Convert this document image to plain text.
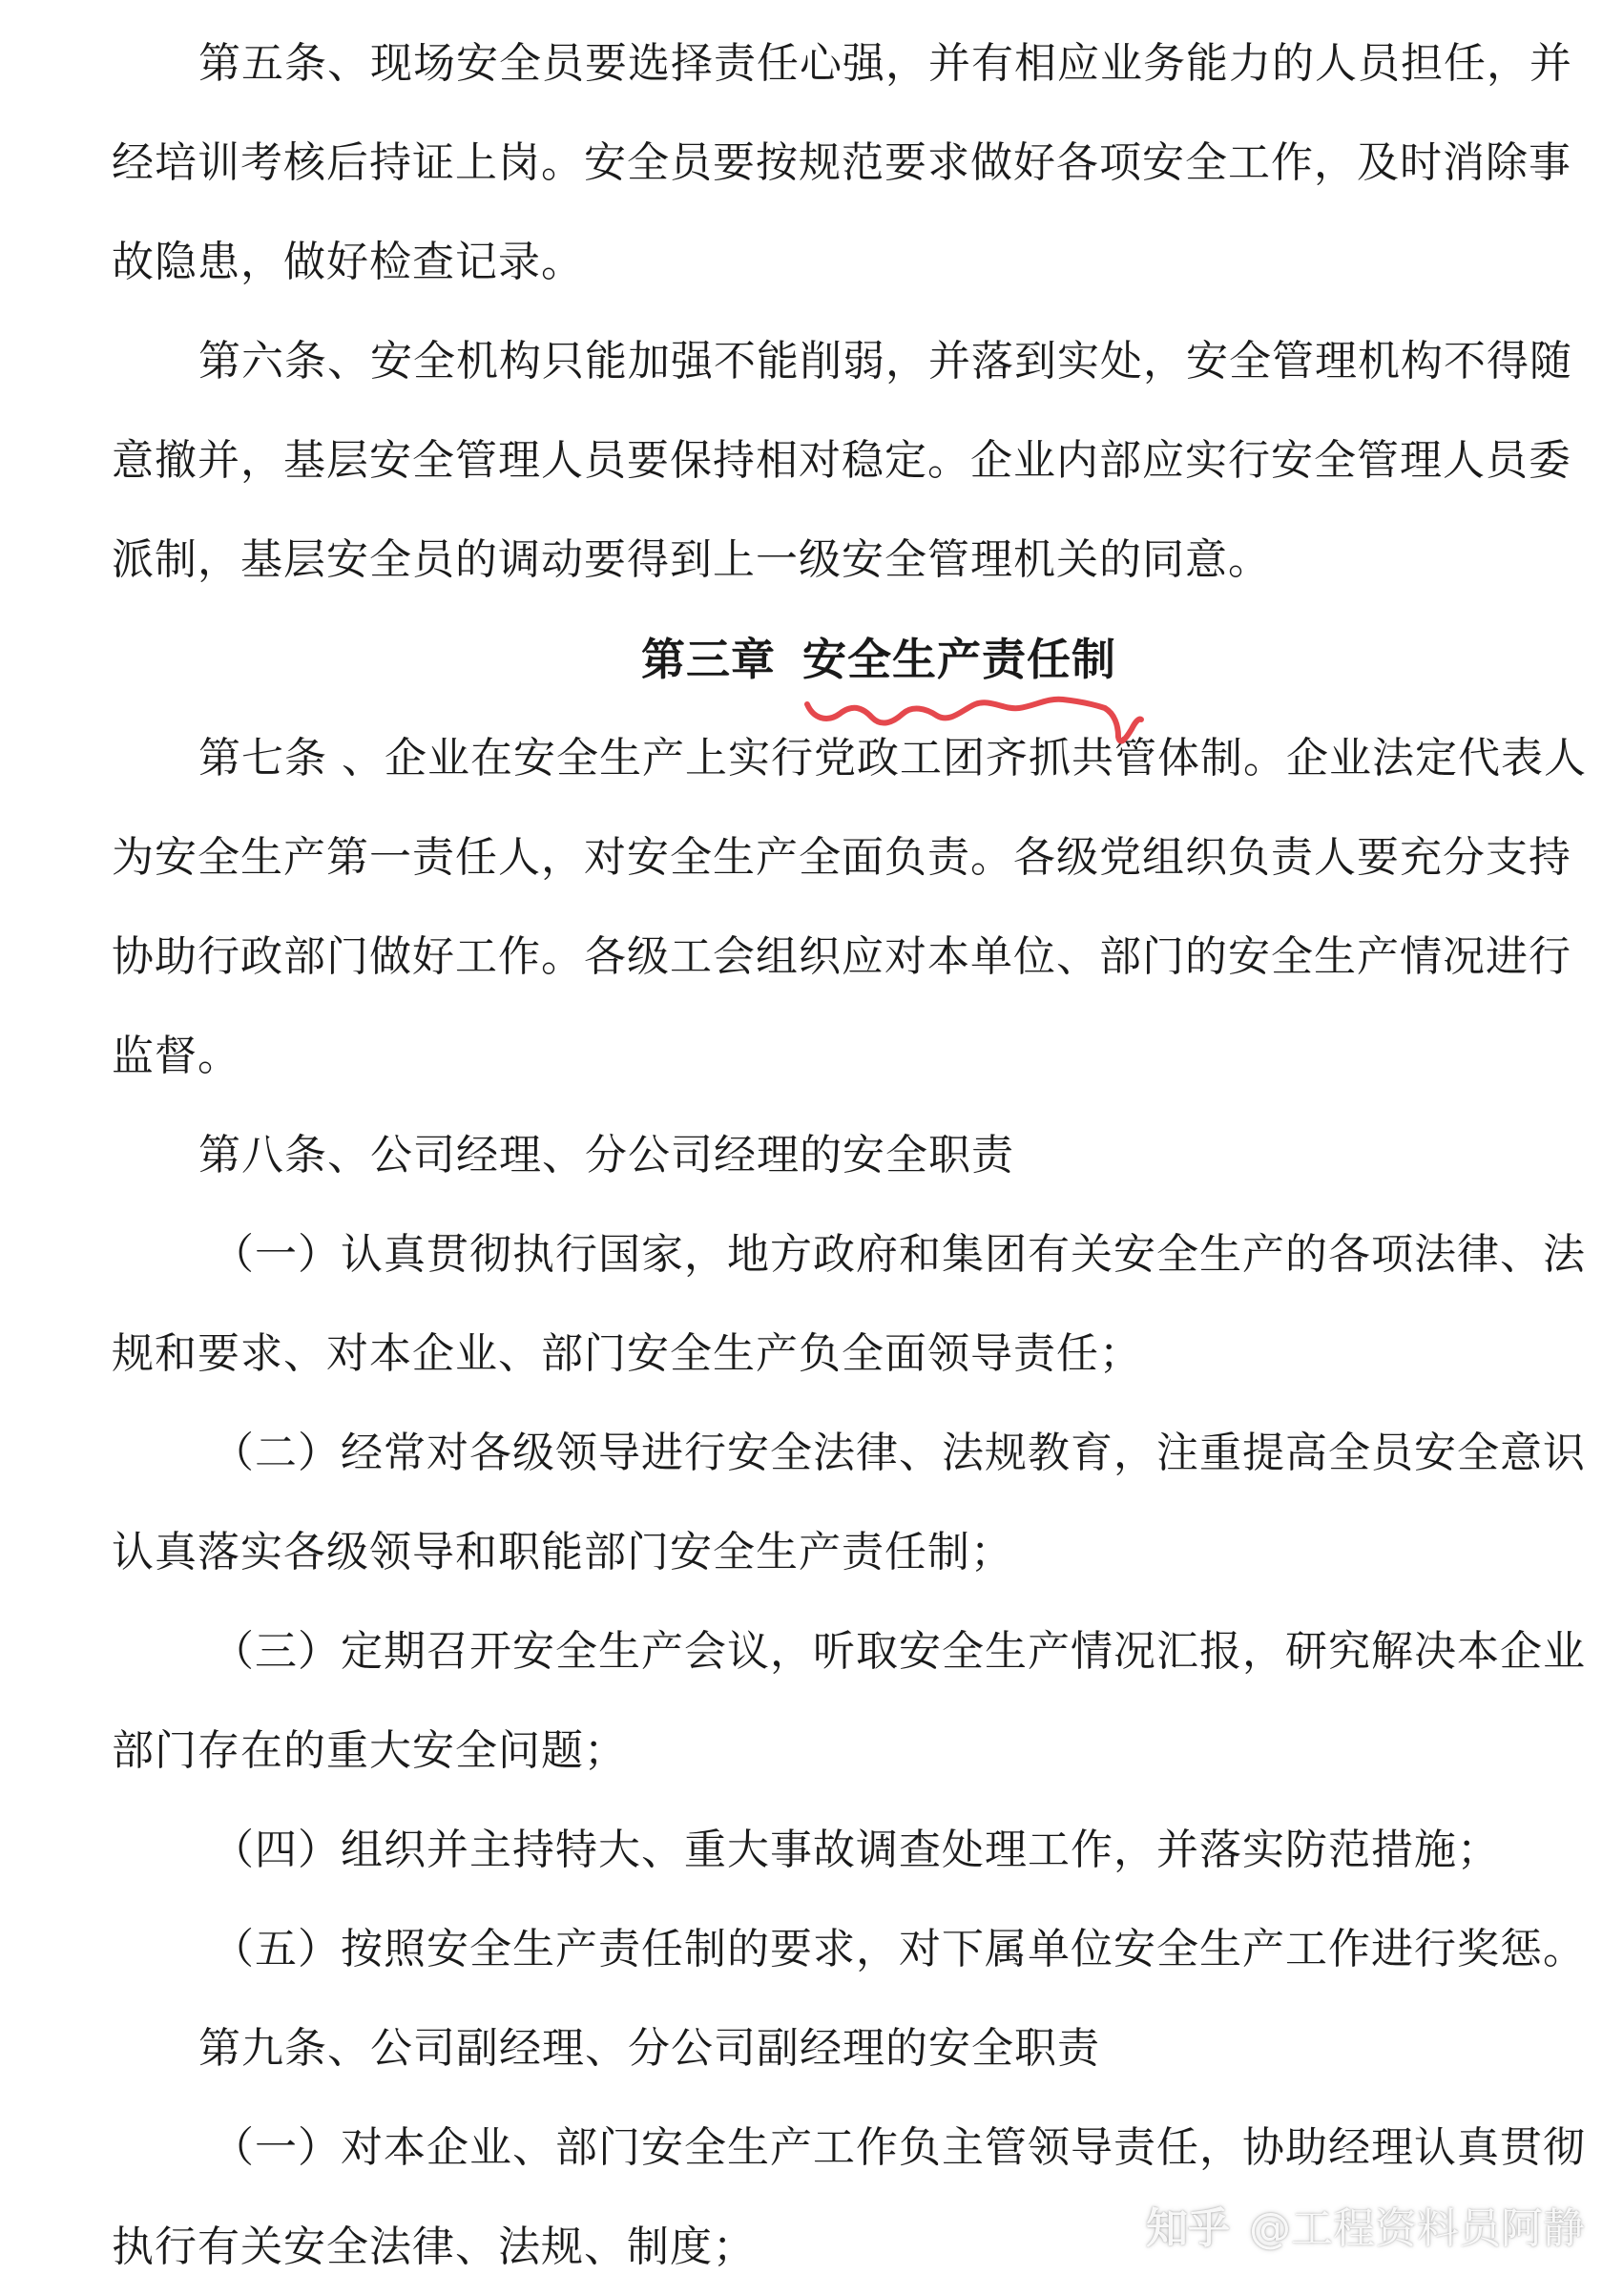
第五条、现场安全员要选择责任心强，并有相应业务能力的人员担任，并
经培训考核后持证上岗。安全员要按规范要求做好各项安全工作，及时消除事
故隐患，做好检查记录。
第六条、安全机构只能加强不能削弱，并落到实处，安全管理机构不得随
意撤并，基层安全管理人员要保持相对稳定。企业内部应实行安全管理人员委
派制，基层安全员的调动要得到上一级安全管理机关的同意。
第三章 安全生产责任制
第七条 、企业在安全生产上实行党政工团齐抓共管体制。企业法定代表人
为安全生产第一责任人，对安全生产全面负责。各级党组织负责人要充分支持
协助行政部门做好工作。各级工会组织应对本单位、部门的安全生产情况进行
监督。
第八条、公司经理、分公司经理的安全职责
（一）认真贯彻执行国家，地方政府和集团有关安全生产的各项法律、法
规和要求、对本企业、部门安全生产负全面领导责任；
（二）经常对各级领导进行安全法律、法规教育，注重提高全员安全意识
认真落实各级领导和职能部门安全生产责任制；
（三）定期召开安全生产会议，听取安全生产情况汇报，研究解决本企业
部门存在的重大安全问题；
（四）组织并主持特大、重大事故调查处理工作，并落实防范措施；
（五）按照安全生产责任制的要求，对下属单位安全生产工作进行奖惩。
第九条、公司副经理、分公司副经理的安全职责
（一）对本企业、部门安全生产工作负主管领导责任，协助经理认真贯彻
执行有关安全法律、法规、制度；	知乎 @工程资料员阿静
